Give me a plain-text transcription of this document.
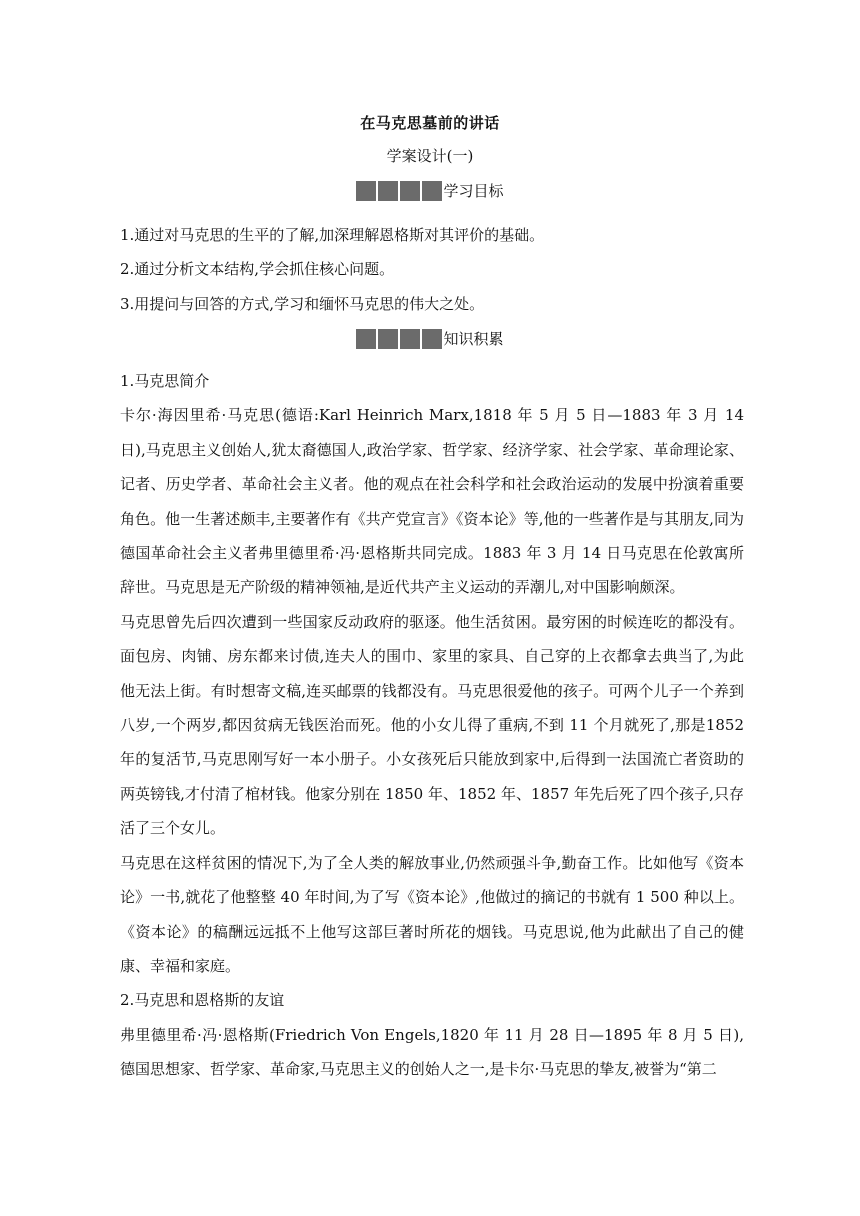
在马克思墓前的讲话
学案设计(一)
学习目标

1.通过对马克思的生平的了解,加深理解恩格斯对其评价的基础。

2.通过分析文本结构,学会抓住核心问题。

3.用提问与回答的方式,学习和缅怀马克思的伟大之处。

知识积累

1.马克思简介

卡尔·海因里希·马克思(德语:Karl Heinrich Marx,1818 年 5 月 5 日—1883 年 3 月 14 日),马克思主义创始人,犹太裔德国人,政治学家、哲学家、经济学家、社会学家、革命理论家、记者、历史学者、革命社会主义者。他的观点在社会科学和社会政治运动的发展中扮演着重要角色。他一生著述颇丰,主要著作有《共产党宣言》《资本论》等,他的一些著作是与其朋友,同为德国革命社会主义者弗里德里希·冯·恩格斯共同完成。1883 年 3 月 14 日马克思在伦敦寓所辞世。马克思是无产阶级的精神领袖,是近代共产主义运动的弄潮儿,对中国影响颇深。

马克思曾先后四次遭到一些国家反动政府的驱逐。他生活贫困。最穷困的时候连吃的都没有。面包房、肉铺、房东都来讨债,连夫人的围巾、家里的家具、自己穿的上衣都拿去典当了,为此他无法上街。有时想寄文稿,连买邮票的钱都没有。马克思很爱他的孩子。可两个儿子一个养到八岁,一个两岁,都因贫病无钱医治而死。他的小女儿得了重病,不到 11 个月就死了,那是1852 年的复活节,马克思刚写好一本小册子。小女孩死后只能放到家中,后得到一法国流亡者资助的两英镑钱,才付清了棺材钱。他家分别在 1850 年、1852 年、1857 年先后死了四个孩子,只存活了三个女儿。

马克思在这样贫困的情况下,为了全人类的解放事业,仍然顽强斗争,勤奋工作。比如他写《资本论》一书,就花了他整整 40 年时间,为了写《资本论》,他做过的摘记的书就有 1 500 种以上。《资本论》的稿酬远远抵不上他写这部巨著时所花的烟钱。马克思说,他为此献出了自己的健康、幸福和家庭。

2.马克思和恩格斯的友谊

弗里德里希·冯·恩格斯(Friedrich Von Engels,1820 年 11 月 28 日—1895 年 8 月 5 日),德国思想家、哲学家、革命家,马克思主义的创始人之一,是卡尔·马克思的挚友,被誉为“第二
